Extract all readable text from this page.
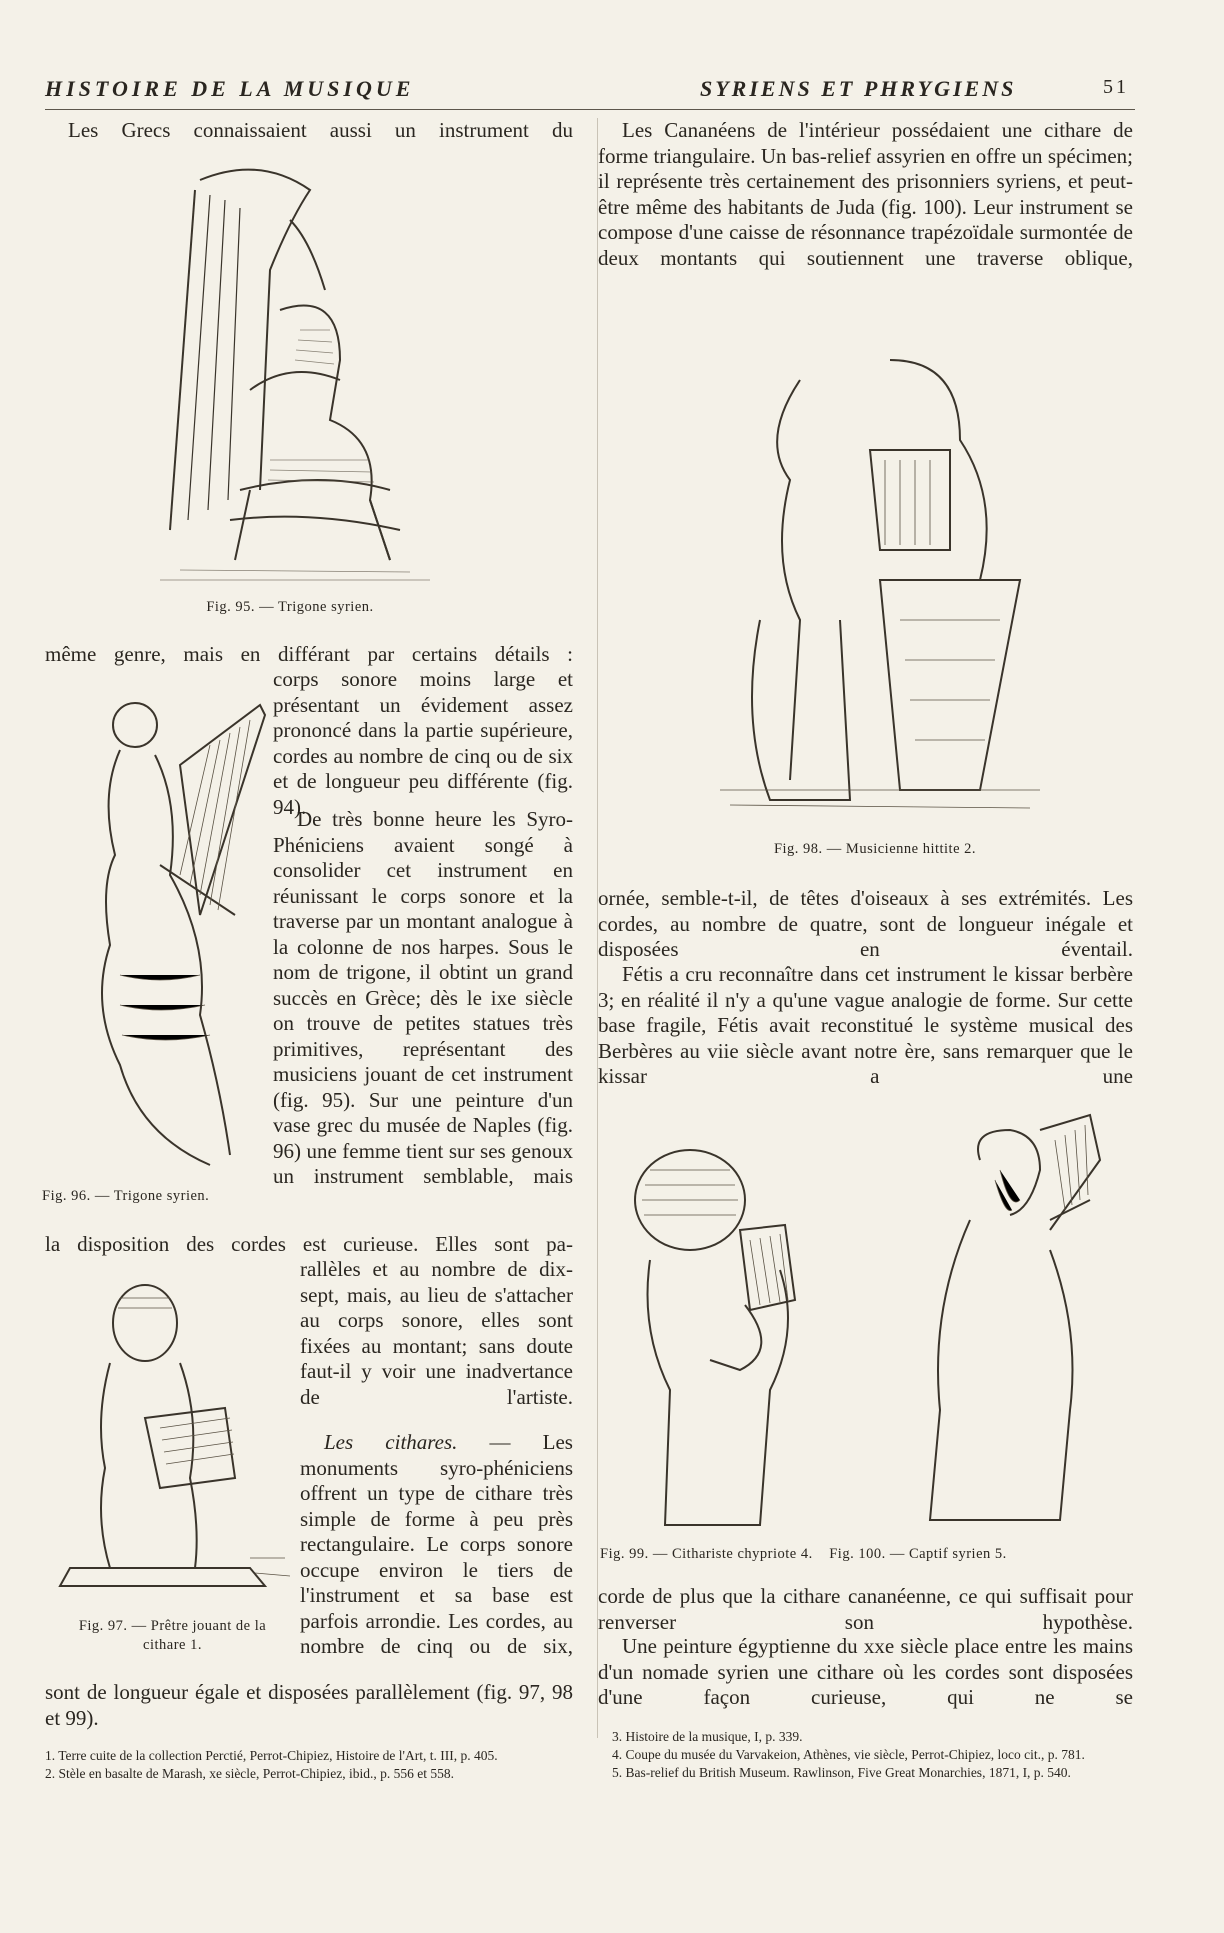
HISTOIRE DE LA MUSIQUE	SYRIENS ET PHRYGIENS	51

Les Grecs connaissaient aussi un instrument du

Fig. 95. — Trigone syrien.

même genre, mais en différant par certains détails :

Fig. 96. — Trigone syrien.

corps sonore moins large et présentant un évidement assez prononcé dans la partie supérieure, cordes au nombre de cinq ou de six et de longueur peu différente (fig. 94).

De très bonne heure les Syro-Phéniciens avaient songé à consolider cet instrument en réunissant le corps sonore et la traverse par un montant analogue à la colonne de nos harpes. Sous le nom de trigone, il obtint un grand succès en Grèce; dès le ixe siècle on trouve de petites statues très primitives, représentant des musiciens jouant de cet instrument (fig. 95). Sur une peinture d'un vase grec du musée de Naples (fig. 96) une femme tient sur ses genoux un instrument semblable, mais

la disposition des cordes est curieuse. Elles sont pa-

Fig. 97. — Prêtre jouant de la cithare 1.

rallèles et au nombre de dix-sept, mais, au lieu de s'attacher au corps sonore, elles sont fixées au montant; sans doute faut-il y voir une inadvertance de l'artiste.

Les cithares. — Les monuments syro-phéniciens offrent un type de cithare très simple de forme à peu près rectangulaire. Le corps sonore occupe environ le tiers de l'instrument et sa base est parfois arrondie. Les cordes, au nombre de cinq ou de six,

sont de longueur égale et disposées parallèlement (fig. 97, 98 et 99).

1. Terre cuite de la collection Perctié, Perrot-Chipiez, Histoire de l'Art, t. III, p. 405.
2. Stèle en basalte de Marash, xe siècle, Perrot-Chipiez, ibid., p. 556 et 558.

Les Cananéens de l'intérieur possédaient une cithare de forme triangulaire. Un bas-relief assyrien en offre un spécimen; il représente très certainement des prisonniers syriens, et peut-être même des habitants de Juda (fig. 100). Leur instrument se compose d'une caisse de résonnance trapézoïdale surmontée de deux montants qui soutiennent une traverse oblique,

Fig. 98. — Musicienne hittite 2.

ornée, semble-t-il, de têtes d'oiseaux à ses extrémités. Les cordes, au nombre de quatre, sont de longueur inégale et disposées en éventail.

Fétis a cru reconnaître dans cet instrument le kissar berbère 3; en réalité il n'y a qu'une vague analogie de forme. Sur cette base fragile, Fétis avait reconstitué le système musical des Berbères au viie siècle avant notre ère, sans remarquer que le kissar a une

Fig. 99. — Cithariste chypriote 4. Fig. 100. — Captif syrien 5.

corde de plus que la cithare cananéenne, ce qui suffisait pour renverser son hypothèse.

Une peinture égyptienne du xxe siècle place entre les mains d'un nomade syrien une cithare où les cordes sont disposées d'une façon curieuse, qui ne se

3. Histoire de la musique, I, p. 339.
4. Coupe du musée du Varvakeion, Athènes, vie siècle, Perrot-Chipiez, loco cit., p. 781.
5. Bas-relief du British Museum. Rawlinson, Five Great Monarchies, 1871, I, p. 540.
